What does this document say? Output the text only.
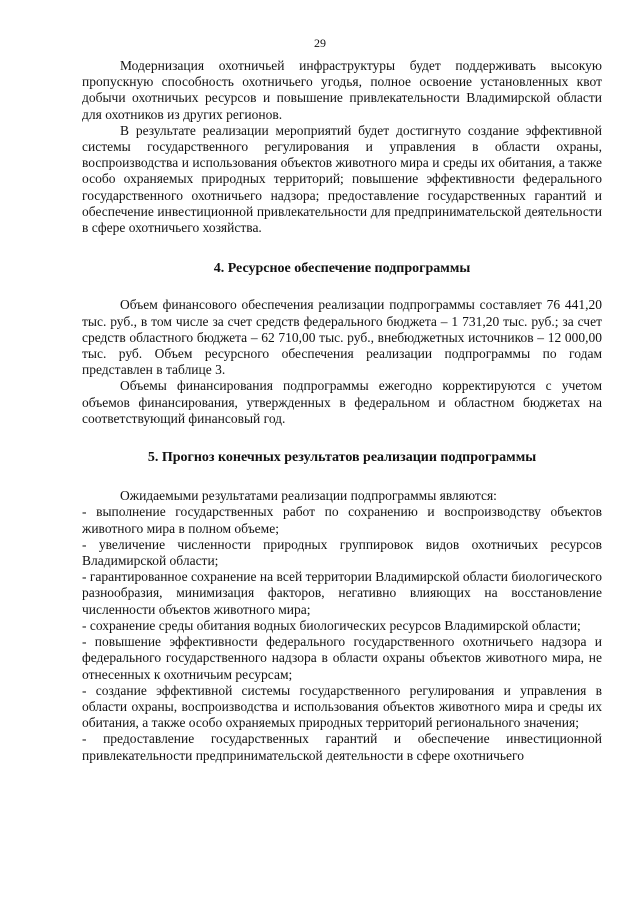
29

Модернизация охотничьей инфраструктуры будет поддерживать высокую пропускную способность охотничьего угодья, полное освоение установленных квот добычи охотничьих ресурсов и повышение привлекательности Владимирской области для охотников из других регионов.

В результате реализации мероприятий будет достигнуто создание эффективной системы государственного регулирования и управления в области охраны, воспроизводства и использования объектов животного мира и среды их обитания, а также особо охраняемых природных территорий; повышение эффективности федерального государственного охотничьего надзора; предоставление государственных гарантий и обеспечение инвестиционной привлекательности для предпринимательской деятельности в сфере охотничьего хозяйства.

4. Ресурсное обеспечение подпрограммы

Объем финансового обеспечения реализации подпрограммы составляет 76 441,20 тыс. руб., в том числе за счет средств федерального бюджета – 1 731,20 тыс. руб.; за счет средств областного бюджета – 62 710,00 тыс. руб., внебюджетных источников – 12 000,00 тыс. руб. Объем ресурсного обеспечения реализации подпрограммы по годам представлен в таблице 3.

Объемы финансирования подпрограммы ежегодно корректируются с учетом объемов финансирования, утвержденных в федеральном и областном бюджетах на соответствующий финансовый год.

5. Прогноз конечных результатов реализации подпрограммы

Ожидаемыми результатами реализации подпрограммы являются:

- выполнение государственных работ по сохранению и воспроизводству объектов животного мира в полном объеме;

- увеличение численности природных группировок видов охотничьих ресурсов Владимирской области;

- гарантированное сохранение на всей территории Владимирской области биологического разнообразия, минимизация факторов, негативно влияющих на восстановление численности объектов животного мира;

- сохранение среды обитания водных биологических ресурсов Владимирской области;

- повышение эффективности федерального государственного охотничьего надзора и федерального государственного надзора в области охраны объектов животного мира, не отнесенных к охотничьим ресурсам;

- создание эффективной системы государственного регулирования и управления в области охраны, воспроизводства и использования объектов животного мира и среды их обитания, а также особо охраняемых природных территорий регионального значения;

- предоставление государственных гарантий и обеспечение инвестиционной привлекательности предпринимательской деятельности в сфере охотничьего
